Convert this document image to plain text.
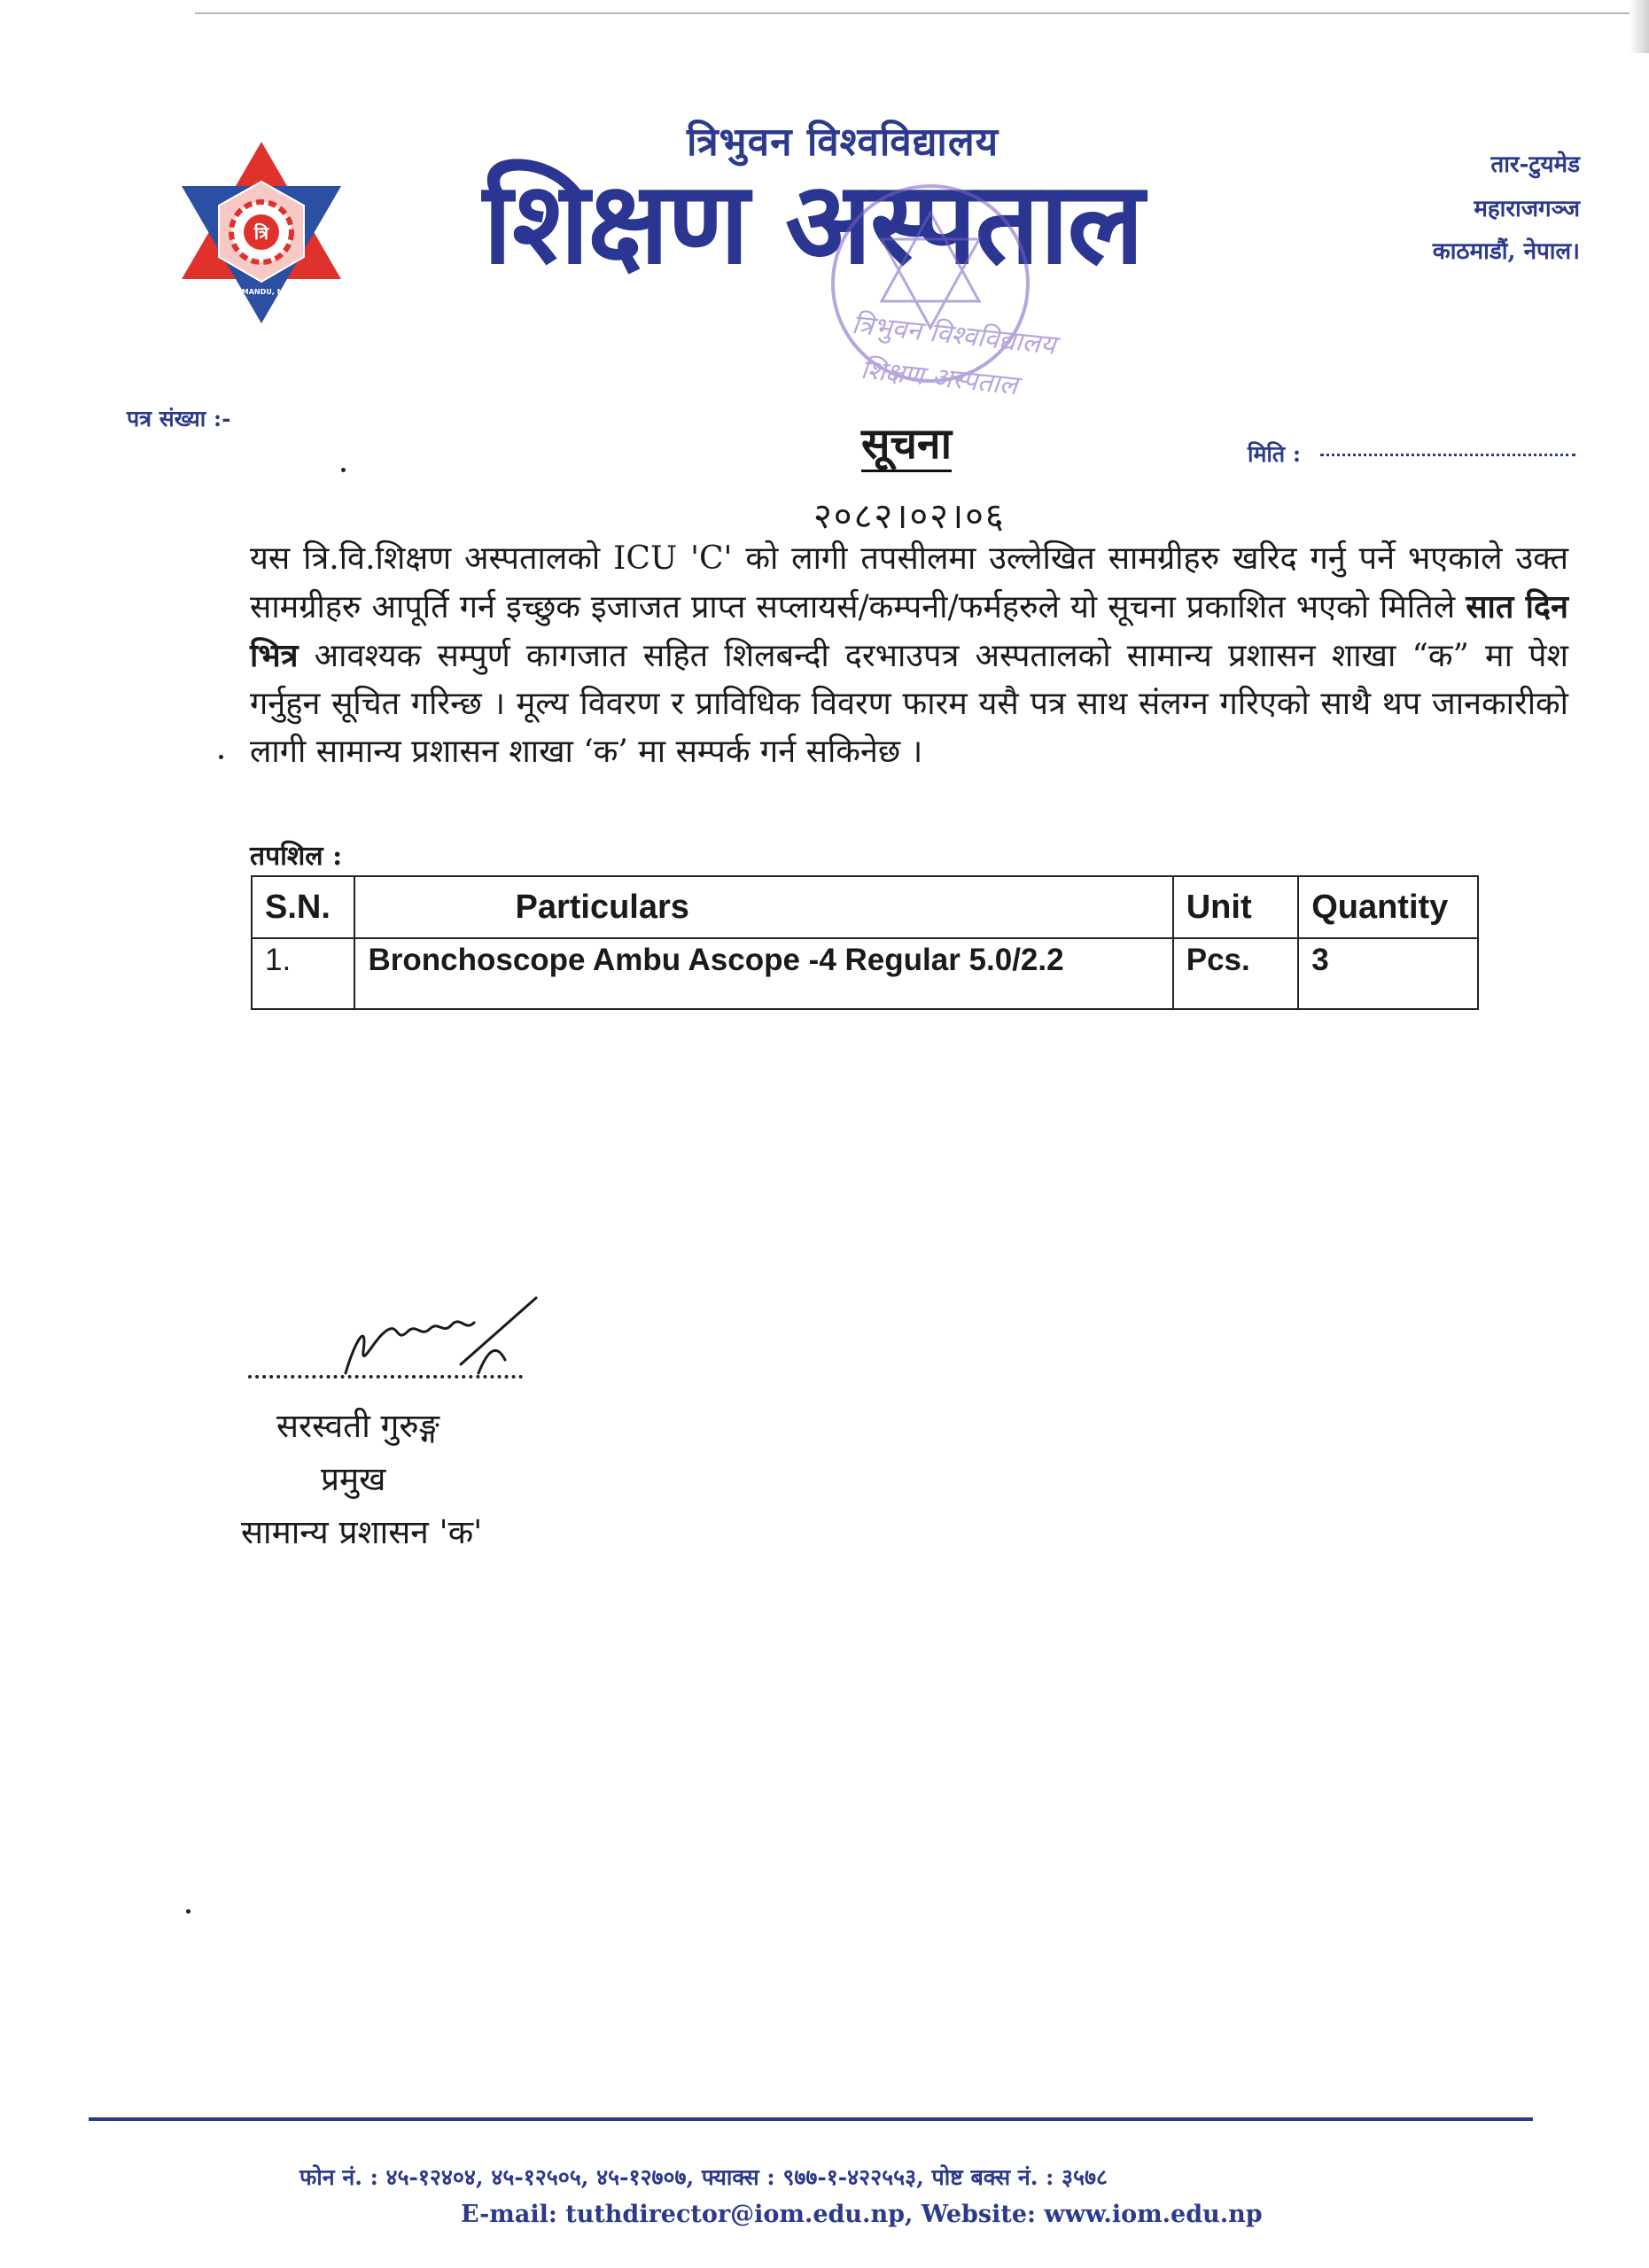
त्रि
त्रिभुवन	विश्वविद्यालय
KATHMANDU, NEPAL
त्रिभुवन विश्वविद्यालय
शिक्षण अस्पताल	तार-टुयमेड
महाराजगञ्ज
काठमाडौं, नेपाल।
त्रिभुवन विश्वविद्यालय
शिक्षण अस्पताल
पत्र संख्या :-
मिति :
सूचना
२०८२।०२।०६

यस त्रि.वि.शिक्षण अस्पतालको ICU 'C' को लागी तपसीलमा उल्लेखित सामग्रीहरु खरिद गर्नु पर्ने भएकाले उक्त सामग्रीहरु आपूर्ति गर्न इच्छुक इजाजत प्राप्त सप्लायर्स/कम्पनी/फर्महरुले यो सूचना प्रकाशित भएको मितिले सात दिन भित्र आवश्यक सम्पुर्ण कागजात सहित शिलबन्दी दरभाउपत्र अस्पतालको सामान्य प्रशासन शाखा “क” मा पेश गर्नुहुन सूचित गरिन्छ । मूल्य विवरण र प्राविधिक विवरण फारम यसै पत्र साथ संलग्न गरिएको साथै थप जानकारीको लागी सामान्य प्रशासन शाखा ‘क’ मा सम्पर्क गर्न सकिनेछ ।

तपशिल :
S.N.	Particulars	Unit	Quantity
1.	Bronchoscope Ambu Ascope -4 Regular 5.0/2.2	Pcs.	3
सरस्वती गुरुङ्ग
प्रमुख
सामान्य प्रशासन 'क'
फोन नं. : ४५-१२४०४, ४५-१२५०५, ४५-१२७०७, फ्याक्स : ९७७-१-४२२५५३, पोष्ट बक्स नं. : ३५७८
E-mail: tuthdirector@iom.edu.np, Website: www.iom.edu.np
